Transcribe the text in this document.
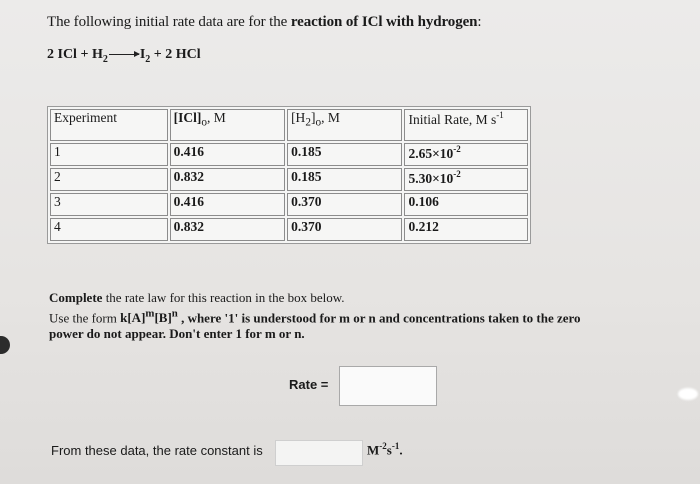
The following initial rate data are for the reaction of ICl with hydrogen:
2 ICl + $H_2\to I_2 + 2$ HCl
Experiment	$[ICl]_o$, M	$[H_2]_o$, M	Initial Rate, M $s^{-1}$
1	0.416	0.185	$2.65\times 10^{-2}$
2	0.832	0.185	$5.30\times 10^{-2}$
3	0.416	0.370	0.106
4	0.832	0.370	0.212
Complete the rate law for this reaction in the box below.
Use the form $k[A]^m[B]^n$ , where '1' is understood for m or n and concentrations taken to the zero
power do not appear. Don't enter 1 for m or n.
Rate =
From these data, the rate constant is	$M^{-2}s^{-1}$.
